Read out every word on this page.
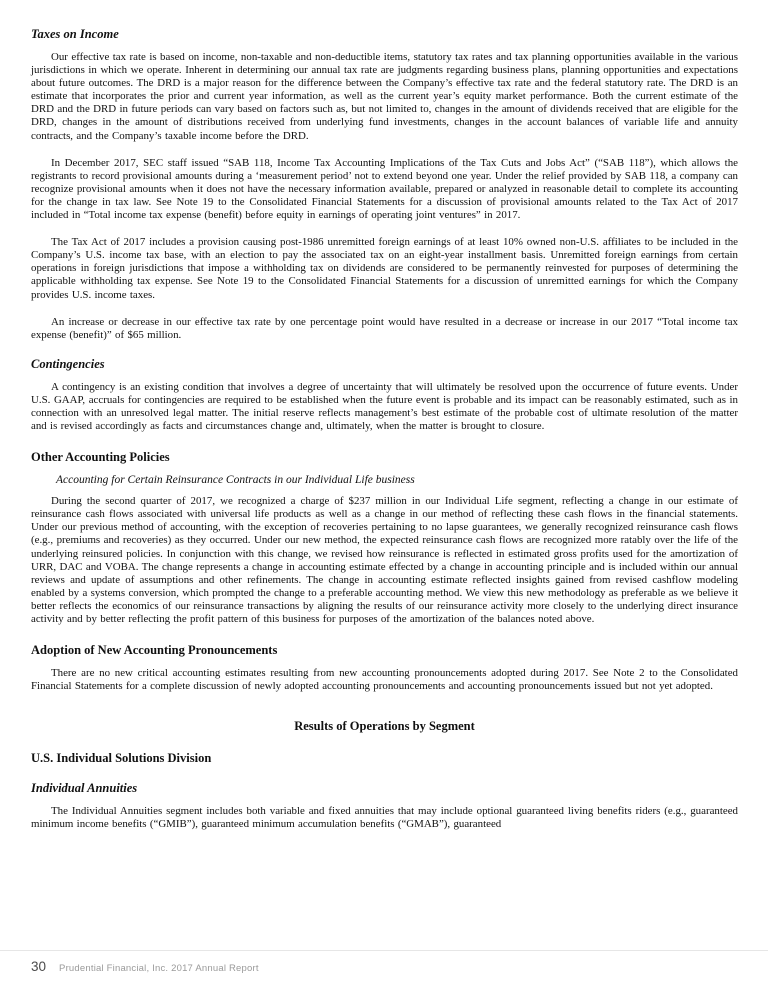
Taxes on Income

Our effective tax rate is based on income, non-taxable and non-deductible items, statutory tax rates and tax planning opportunities available in the various jurisdictions in which we operate. Inherent in determining our annual tax rate are judgments regarding business plans, planning opportunities and expectations about future outcomes. The DRD is a major reason for the difference between the Company’s effective tax rate and the federal statutory rate. The DRD is an estimate that incorporates the prior and current year information, as well as the current year’s equity market performance. Both the current estimate of the DRD and the DRD in future periods can vary based on factors such as, but not limited to, changes in the amount of dividends received that are eligible for the DRD, changes in the amount of distributions received from underlying fund investments, changes in the account balances of variable life and annuity contracts, and the Company’s taxable income before the DRD.

In December 2017, SEC staff issued “SAB 118, Income Tax Accounting Implications of the Tax Cuts and Jobs Act” (“SAB 118”), which allows the registrants to record provisional amounts during a ‘measurement period’ not to extend beyond one year. Under the relief provided by SAB 118, a company can recognize provisional amounts when it does not have the necessary information available, prepared or analyzed in reasonable detail to complete its accounting for the change in tax law. See Note 19 to the Consolidated Financial Statements for a discussion of provisional amounts related to the Tax Act of 2017 included in “Total income tax expense (benefit) before equity in earnings of operating joint ventures” in 2017.

The Tax Act of 2017 includes a provision causing post-1986 unremitted foreign earnings of at least 10% owned non-U.S. affiliates to be included in the Company’s U.S. income tax base, with an election to pay the associated tax on an eight-year installment basis. Unremitted foreign earnings from certain operations in foreign jurisdictions that impose a withholding tax on dividends are considered to be permanently reinvested for purposes of determining the applicable withholding tax expense. See Note 19 to the Consolidated Financial Statements for a discussion of unremitted earnings for which the Company provides U.S. income taxes.

An increase or decrease in our effective tax rate by one percentage point would have resulted in a decrease or increase in our 2017 “Total income tax expense (benefit)” of $65 million.

Contingencies

A contingency is an existing condition that involves a degree of uncertainty that will ultimately be resolved upon the occurrence of future events. Under U.S. GAAP, accruals for contingencies are required to be established when the future event is probable and its impact can be reasonably estimated, such as in connection with an unresolved legal matter. The initial reserve reflects management’s best estimate of the probable cost of ultimate resolution of the matter and is revised accordingly as facts and circumstances change and, ultimately, when the matter is brought to closure.

Other Accounting Policies
Accounting for Certain Reinsurance Contracts in our Individual Life business

During the second quarter of 2017, we recognized a charge of $237 million in our Individual Life segment, reflecting a change in our estimate of reinsurance cash flows associated with universal life products as well as a change in our method of reflecting these cash flows in the financial statements. Under our previous method of accounting, with the exception of recoveries pertaining to no lapse guarantees, we generally recognized reinsurance cash flows (e.g., premiums and recoveries) as they occurred. Under our new method, the expected reinsurance cash flows are recognized more ratably over the life of the underlying reinsured policies. In conjunction with this change, we revised how reinsurance is reflected in estimated gross profits used for the amortization of URR, DAC and VOBA. The change represents a change in accounting estimate effected by a change in accounting principle and is included within our annual reviews and update of assumptions and other refinements. The change in accounting estimate reflected insights gained from revised cashflow modeling enabled by a systems conversion, which prompted the change to a preferable accounting method. We view this new methodology as preferable as we believe it better reflects the economics of our reinsurance transactions by aligning the results of our reinsurance activity more closely to the underlying direct insurance activity and by better reflecting the profit pattern of this business for purposes of the amortization of the balances noted above.

Adoption of New Accounting Pronouncements

There are no new critical accounting estimates resulting from new accounting pronouncements adopted during 2017. See Note 2 to the Consolidated Financial Statements for a complete discussion of newly adopted accounting pronouncements and accounting pronouncements issued but not yet adopted.

Results of Operations by Segment
U.S. Individual Solutions Division
Individual Annuities

The Individual Annuities segment includes both variable and fixed annuities that may include optional guaranteed living benefits riders (e.g., guaranteed minimum income benefits (“GMIB”), guaranteed minimum accumulation benefits (“GMAB”), guaranteed

30 Prudential Financial, Inc. 2017 Annual Report
